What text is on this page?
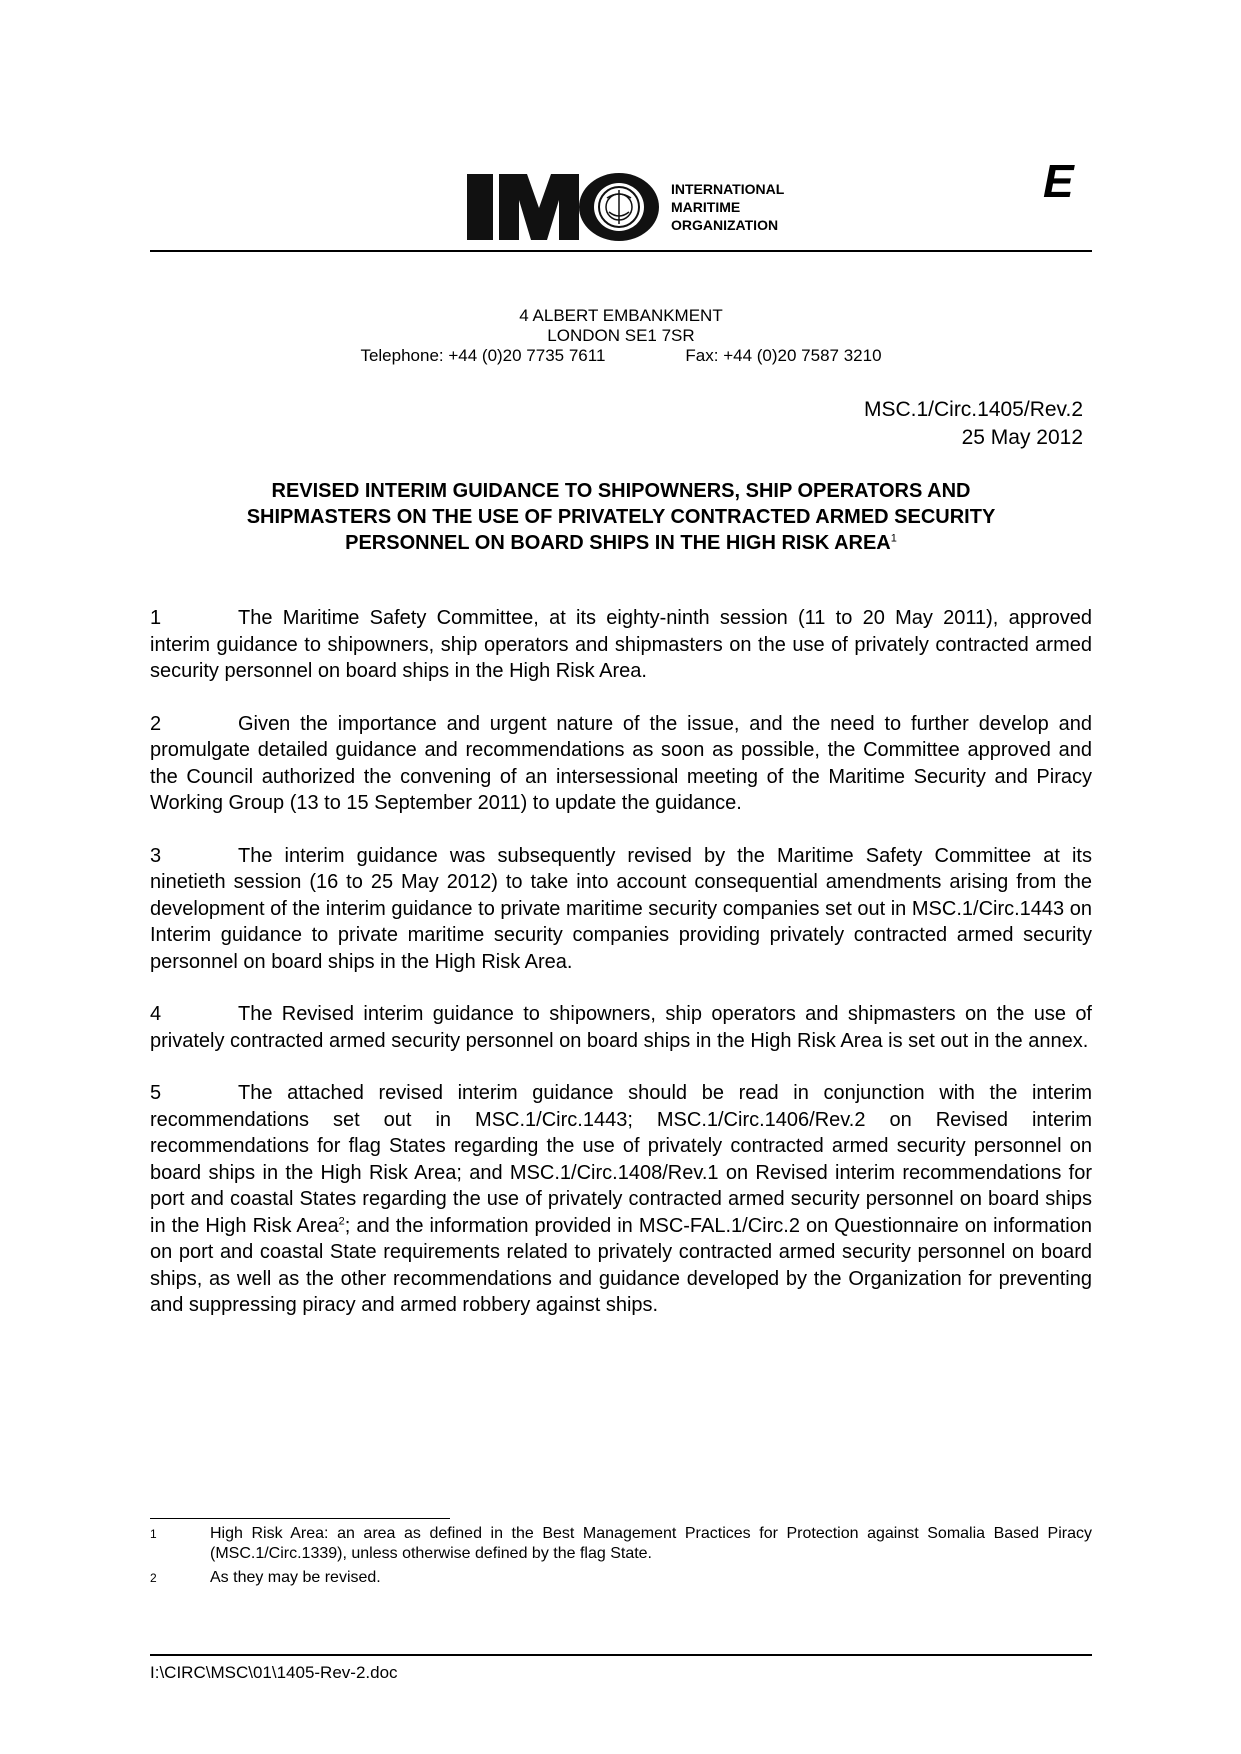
INTERNATIONAL
MARITIME
ORGANIZATION
E
4 ALBERT EMBANKMENT
LONDON SE1 7SR
Telephone: +44 (0)20 7735 7611	Fax: +44 (0)20 7587 3210
MSC.1/Circ.1405/Rev.2
25 May 2012
REVISED INTERIM GUIDANCE TO SHIPOWNERS, SHIP OPERATORS AND
SHIPMASTERS ON THE USE OF PRIVATELY CONTRACTED ARMED SECURITY
PERSONNEL ON BOARD SHIPS IN THE HIGH RISK AREA$^1$

1	The Maritime Safety Committee, at its eighty-ninth session (11 to 20 May 2011), approved interim guidance to shipowners, ship operators and shipmasters on the use of privately contracted armed security personnel on board ships in the High Risk Area.

2	Given the importance and urgent nature of the issue, and the need to further develop and promulgate detailed guidance and recommendations as soon as possible, the Committee approved and the Council authorized the convening of an intersessional meeting of the Maritime Security and Piracy Working Group (13 to 15 September 2011) to update the guidance.

3	The interim guidance was subsequently revised by the Maritime Safety Committee at its ninetieth session (16 to 25 May 2012) to take into account consequential amendments arising from the development of the interim guidance to private maritime security companies set out in MSC.1/Circ.1443 on Interim guidance to private maritime security companies providing privately contracted armed security personnel on board ships in the High Risk Area.

4	The Revised interim guidance to shipowners, ship operators and shipmasters on the use of privately contracted armed security personnel on board ships in the High Risk Area is set out in the annex.

5	The attached revised interim guidance should be read in conjunction with the interim recommendations set out in MSC.1/Circ.1443; MSC.1/Circ.1406/Rev.2 on Revised interim recommendations for flag States regarding the use of privately contracted armed security personnel on board ships in the High Risk Area; and MSC.1/Circ.1408/Rev.1 on Revised interim recommendations for port and coastal States regarding the use of privately contracted armed security personnel on board ships in the High Risk Area$^2$; and the information provided in MSC-FAL.1/Circ.2 on Questionnaire on information on port and coastal State requirements related to privately contracted armed security personnel on board ships, as well as the other recommendations and guidance developed by the Organization for preventing and suppressing piracy and armed robbery against ships.

1	High Risk Area: an area as defined in the Best Management Practices for Protection against Somalia Based Piracy (MSC.1/Circ.1339), unless otherwise defined by the flag State.
2	As they may be revised.
I:\CIRC\MSC\01\1405-Rev-2.doc
